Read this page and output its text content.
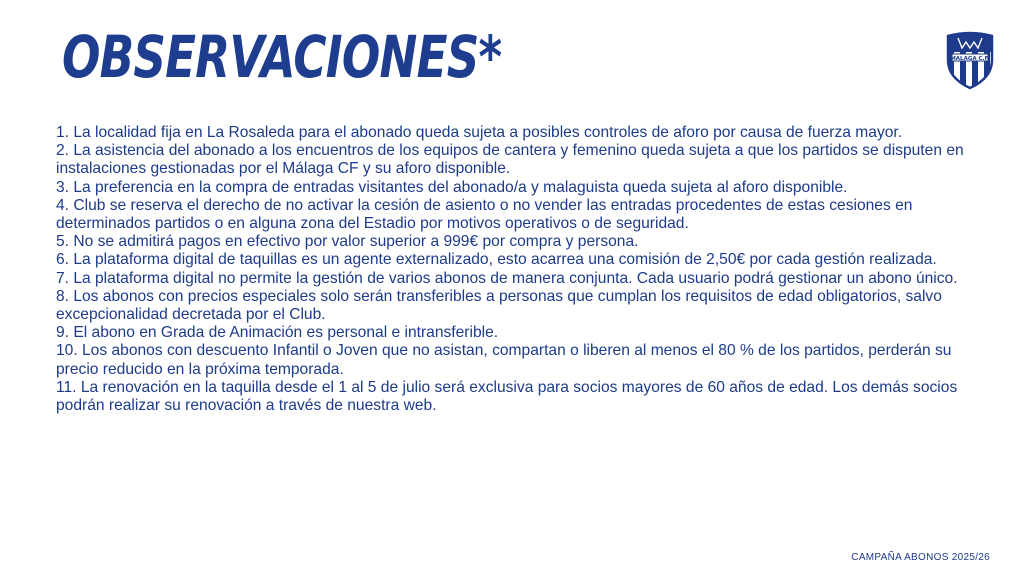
OBSERVACIONES*	MALAGA C.F.
1. La localidad fija en La Rosaleda para el abonado queda sujeta a posibles controles de aforo por causa de fuerza mayor.
2. La asistencia del abonado a los encuentros de los equipos de cantera y femenino queda sujeta a que los partidos se disputen en instalaciones gestionadas por el Málaga CF y su aforo disponible.
3. La preferencia en la compra de entradas visitantes del abonado/a y malaguista queda sujeta al aforo disponible.
4. Club se reserva el derecho de no activar la cesión de asiento o no vender las entradas procedentes de estas cesiones en determinados partidos o en alguna zona del Estadio por motivos operativos o de seguridad.
5. No se admitirá pagos en efectivo por valor superior a 999€ por compra y persona.
6. La plataforma digital de taquillas es un agente externalizado, esto acarrea una comisión de 2,50€ por cada gestión realizada.
7. La plataforma digital no permite la gestión de varios abonos de manera conjunta. Cada usuario podrá gestionar un abono único.
8. Los abonos con precios especiales solo serán transferibles a personas que cumplan los requisitos de edad obligatorios, salvo excepcionalidad decretada por el Club.
9. El abono en Grada de Animación es personal e intransferible.
10. Los abonos con descuento Infantil o Joven que no asistan, compartan o liberen al menos el 80 % de los partidos, perderán su precio reducido en la próxima temporada.
11. La renovación en la taquilla desde el 1 al 5 de julio será exclusiva para socios mayores de 60 años de edad. Los demás socios podrán realizar su renovación a través de nuestra web.
CAMPAÑA ABONOS 2025/26
